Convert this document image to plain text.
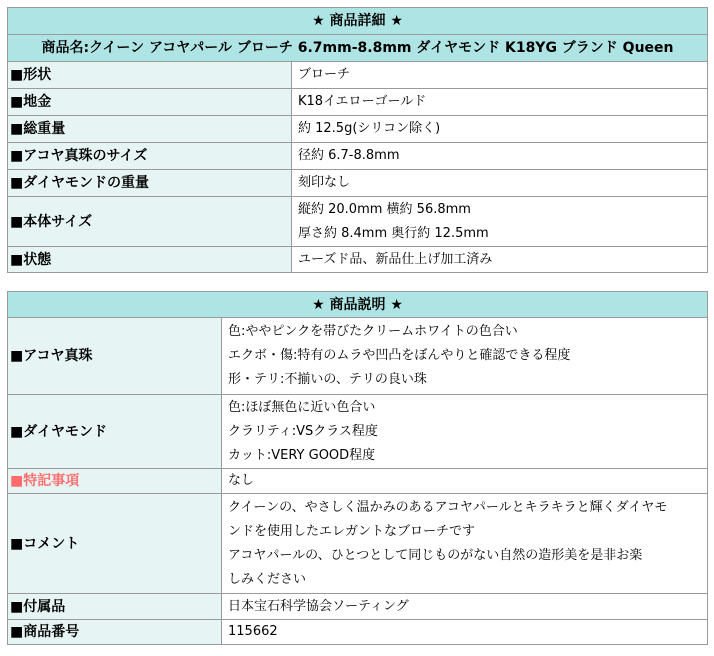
★ 商品詳細 ★	
商品名:クイーン アコヤパール ブローチ 6.7mm-8.8mm ダイヤモンド K18YG ブランド Queen	
■形状	ブローチ
■地金	K18イエローゴールド
■総重量	約 12.5g(シリコン除く)
■アコヤ真珠のサイズ	径約 6.7-8.8mm
■ダイヤモンドの重量	刻印なし
■本体サイズ	縦約 20.0mm 横約 56.8mm
厚さ約 8.4mm 奥行約 12.5mm

■状態	ユーズド品、新品仕上げ加工済み
★ 商品説明 ★	
■アコヤ真珠	色:ややピンクを帯びたクリームホワイトの色合い
エクボ・傷:特有のムラや凹凸をぼんやりと確認できる程度
形・テリ:不揃いの、テリの良い珠

■ダイヤモンド	色:ほぼ無色に近い色合い
クラリティ:VSクラス程度
カット:VERY GOOD程度

■特記事項	なし
■コメント	クイーンの、やさしく温かみのあるアコヤパールとキラキラと輝くダイヤモ
ンドを使用したエレガントなブローチです
アコヤパールの、ひとつとして同じものがない自然の造形美を是非お楽
しみください

■付属品	日本宝石科学協会ソーティング
■商品番号	115662
